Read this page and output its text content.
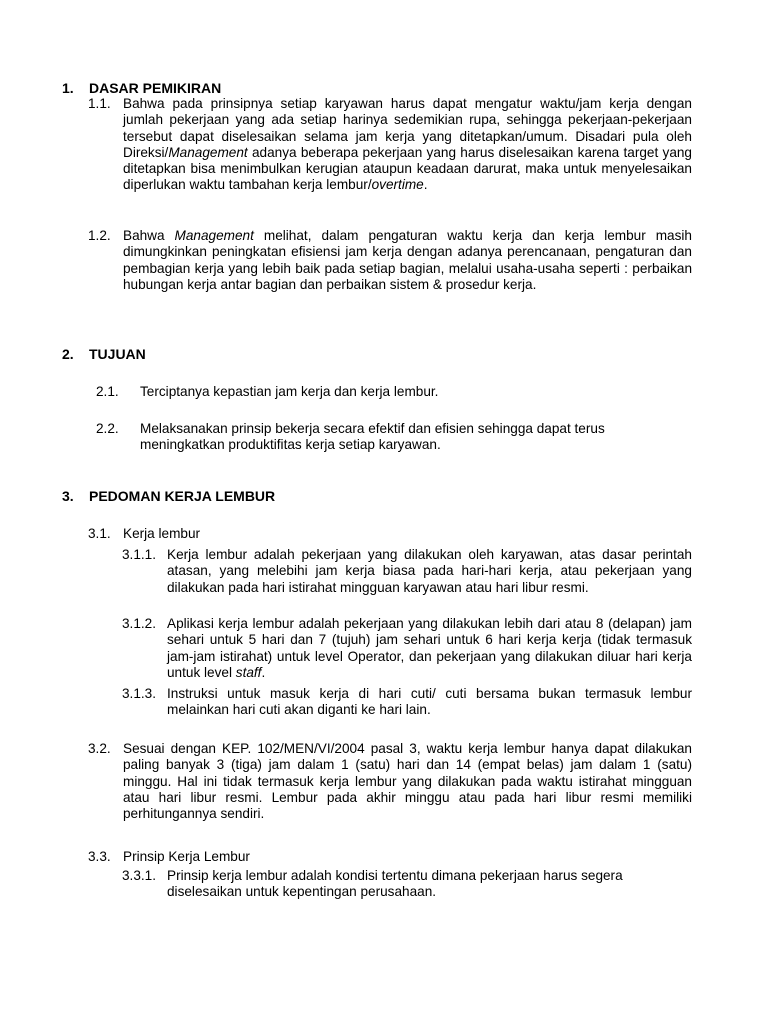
1. DASAR PEMIKIRAN
1.1. Bahwa pada prinsipnya setiap karyawan harus dapat mengatur waktu/jam kerja dengan jumlah pekerjaan yang ada setiap harinya sedemikian rupa, sehingga pekerjaan-pekerjaan tersebut dapat diselesaikan selama jam kerja yang ditetapkan/umum. Disadari pula oleh Direksi/Management adanya beberapa pekerjaan yang harus diselesaikan karena target yang ditetapkan bisa menimbulkan kerugian ataupun keadaan darurat, maka untuk menyelesaikan diperlukan waktu tambahan kerja lembur/overtime.

1.2. Bahwa Management melihat, dalam pengaturan waktu kerja dan kerja lembur masih dimungkinkan peningkatan efisiensi jam kerja dengan adanya perencanaan, pengaturan dan pembagian kerja yang lebih baik pada setiap bagian, melalui usaha-usaha seperti : perbaikan hubungan kerja antar bagian dan perbaikan sistem & prosedur kerja.

2. TUJUAN
2.1.	Terciptanya kepastian jam kerja dan kerja lembur.

2.2.	Melaksanakan prinsip bekerja secara efektif dan efisien sehingga dapat terus meningkatkan produktifitas kerja setiap karyawan.

3. PEDOMAN KERJA LEMBUR
3.1. Kerja lembur
3.1.1. Kerja lembur adalah pekerjaan yang dilakukan oleh karyawan, atas dasar perintah atasan, yang melebihi jam kerja biasa pada hari-hari kerja, atau pekerjaan yang dilakukan pada hari istirahat mingguan karyawan atau hari libur resmi.

3.1.2. Aplikasi kerja lembur adalah pekerjaan yang dilakukan lebih dari atau 8 (delapan) jam sehari untuk 5 hari dan 7 (tujuh) jam sehari untuk 6 hari kerja kerja (tidak termasuk jam-jam istirahat) untuk level Operator, dan pekerjaan yang dilakukan diluar hari kerja untuk level staff.

3.1.3. Instruksi untuk masuk kerja di hari cuti/ cuti bersama bukan termasuk lembur melainkan hari cuti akan diganti ke hari lain.

3.2. Sesuai dengan KEP. 102/MEN/VI/2004 pasal 3, waktu kerja lembur hanya dapat dilakukan paling banyak 3 (tiga) jam dalam 1 (satu) hari dan 14 (empat belas) jam dalam 1 (satu) minggu. Hal ini tidak termasuk kerja lembur yang dilakukan pada waktu istirahat mingguan atau hari libur resmi. Lembur pada akhir minggu atau pada hari libur resmi memiliki perhitungannya sendiri.

3.3. Prinsip Kerja Lembur
3.3.1. Prinsip kerja lembur adalah kondisi tertentu dimana pekerjaan harus segera diselesaikan untuk kepentingan perusahaan.
